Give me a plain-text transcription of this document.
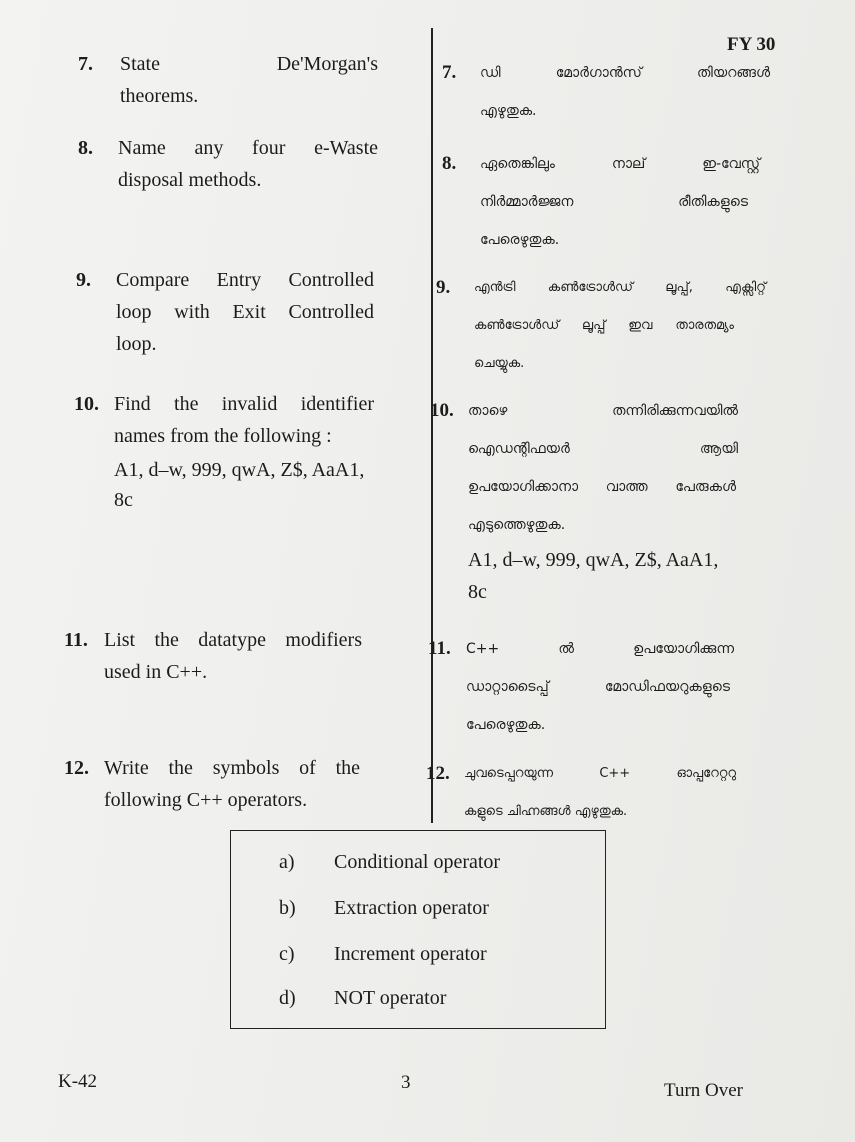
FY 30
7. State De'Morgan's
theorems.
8. Name any four e-Waste
disposal methods.
9. Compare Entry Controlled
loop with Exit Controlled
loop.
10. Find the invalid identifier
names from the following :
A1, d–w, 999, qwA, Z$, AaA1,
8c
11. List the datatype modifiers
used in C++.
12. Write the symbols of the
following C++ operators.
7. ഡി മോർഗാൻസ് തിയറങ്ങൾ
എഴുതുക.
8. ഏതെങ്കിലും നാല് ഇ-വേസ്റ്റ്
നിർമ്മാർജ്ജന രീതികളുടെ
പേരെഴുതുക.
9. എൻട്രി കൺട്രോൾഡ് ലൂപ്പ്, എക്സിറ്റ്
കൺട്രോൾഡ് ലൂപ്പ് ഇവ താരതമ്യം
ചെയ്യുക.
10. താഴെ തന്നിരിക്കുന്നവയിൽ
ഐഡന്റിഫയർ ആയി
ഉപയോഗിക്കാനാ വാത്ത പേരുകൾ
എടുത്തെഴുതുക.
A1, d–w, 999, qwA, Z$, AaA1,
8c
11. C++ ൽ ഉപയോഗിക്കുന്ന
ഡാറ്റാടൈപ്പ് മോഡിഫയറുകളുടെ
പേരെഴുതുക.
12. ചുവടെപ്പറയുന്ന C++ ഓപ്പറേറ്ററു
കളുടെ ചിഹ്നങ്ങൾ എഴുതുക.
a) Conditional operator
b) Extraction operator
c) Increment operator
d) NOT operator
K-42	3	Turn Over
